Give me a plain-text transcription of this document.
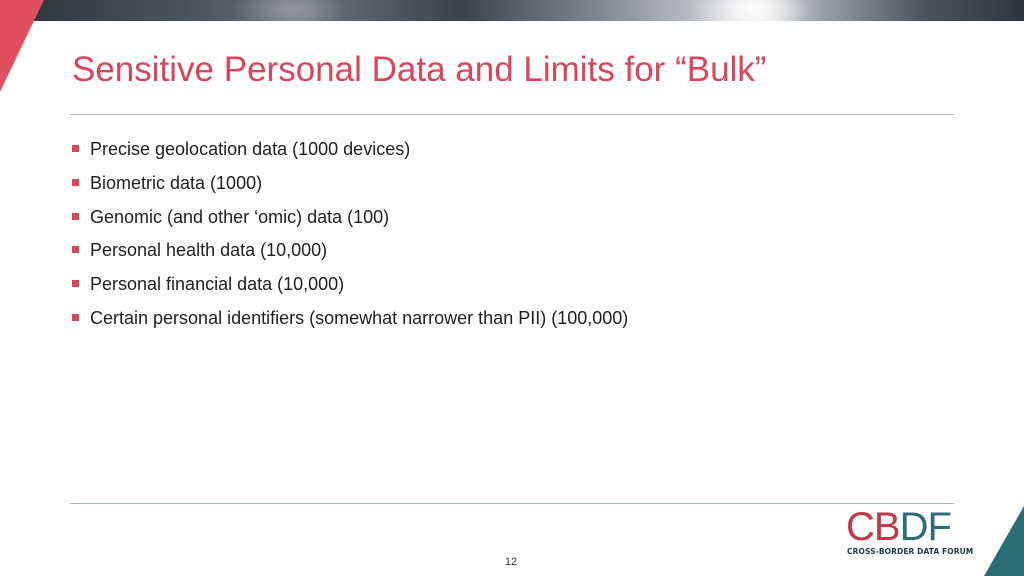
Sensitive Personal Data and Limits for “Bulk”
Precise geolocation data (1000 devices)
Biometric data (1000)
Genomic (and other ‘omic) data (100)
Personal health data (10,000)
Personal financial data (10,000)
Certain personal identifiers (somewhat narrower than PII) (100,000)
CB DF
CROSS-BORDER DATA FORUM
12
